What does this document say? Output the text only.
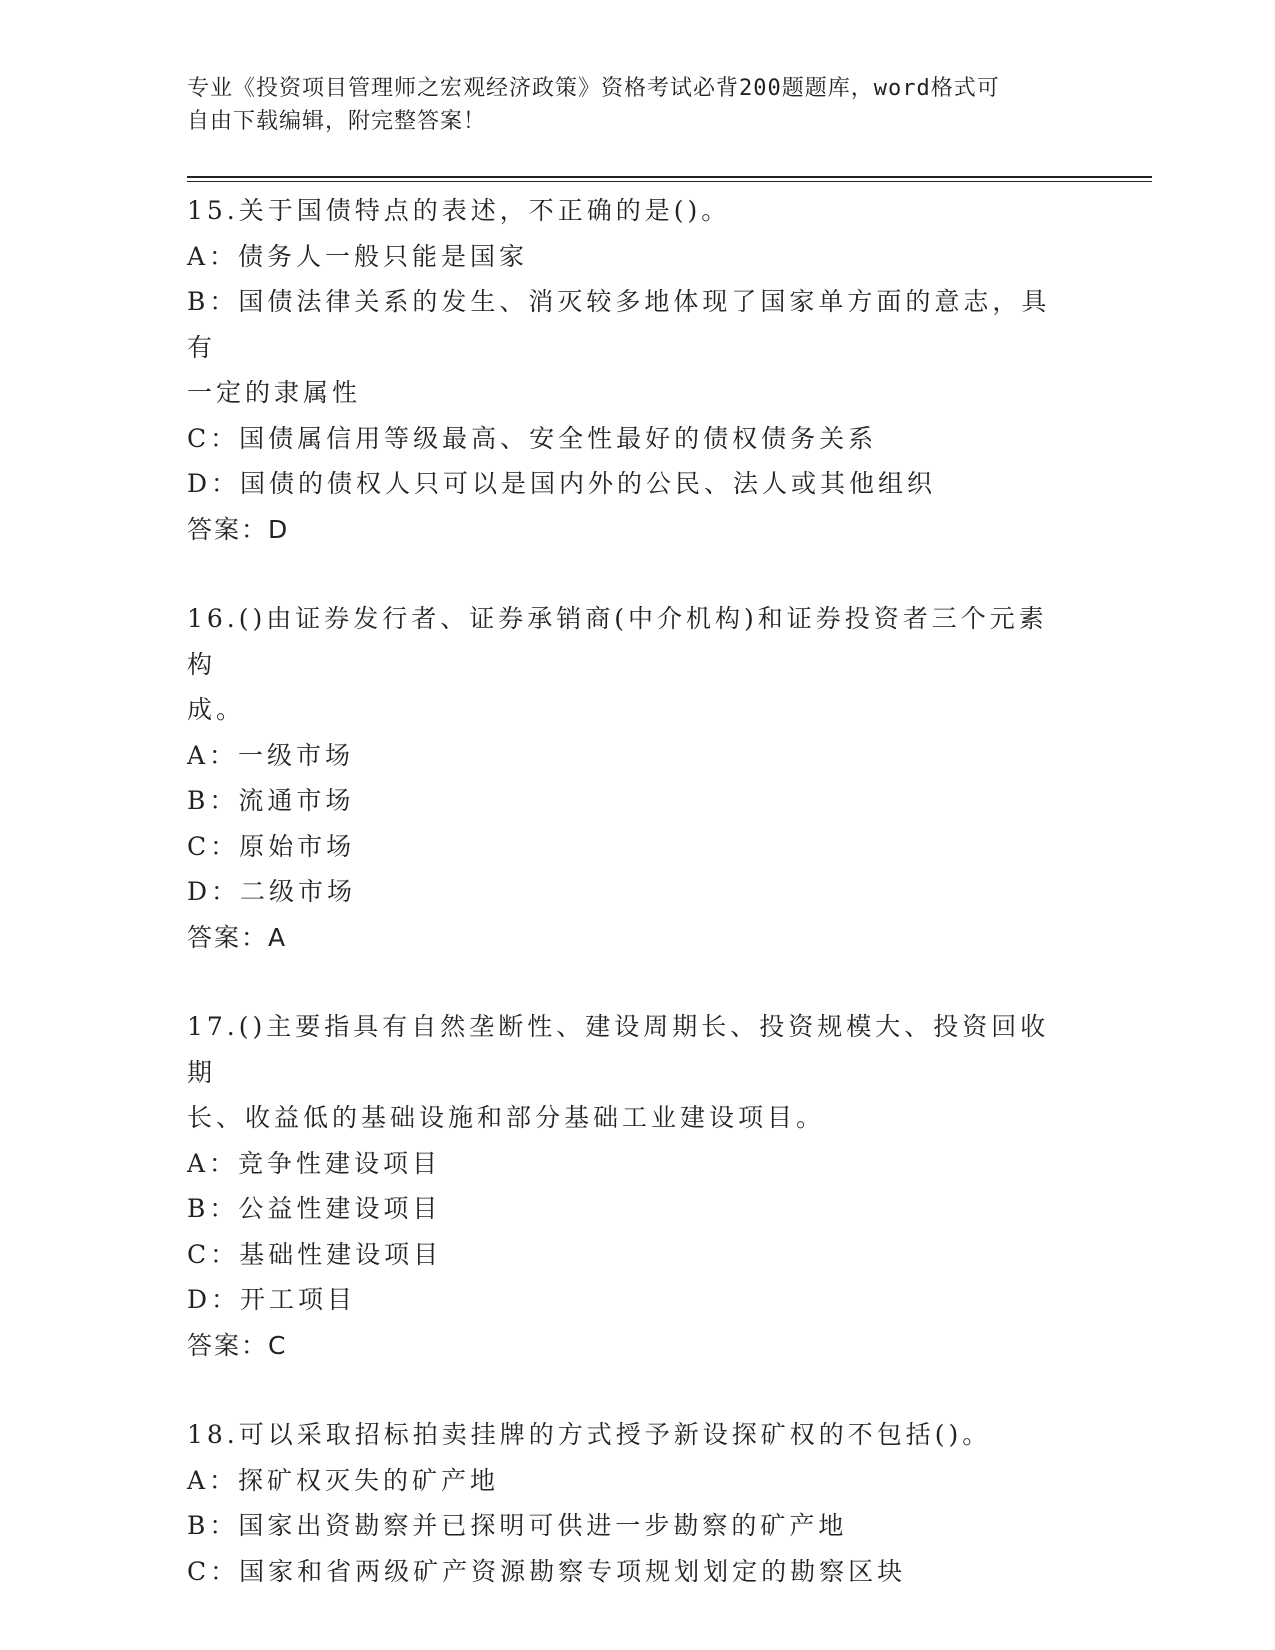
专业《投资项目管理师之宏观经济政策》资格考试必背200题题库，word格式可
自由下载编辑，附完整答案！
15.关于国债特点的表述，不正确的是()。
A：债务人一般只能是国家
B：国债法律关系的发生、消灭较多地体现了国家单方面的意志，具有
一定的隶属性
C：国债属信用等级最高、安全性最好的债权债务关系
D：国债的债权人只可以是国内外的公民、法人或其他组织
答案：D
16.()由证券发行者、证券承销商(中介机构)和证券投资者三个元素构
成。
A：一级市场
B：流通市场
C：原始市场
D：二级市场
答案：A
17.()主要指具有自然垄断性、建设周期长、投资规模大、投资回收期
长、收益低的基础设施和部分基础工业建设项目。
A：竞争性建设项目
B：公益性建设项目
C：基础性建设项目
D：开工项目
答案：C
18.可以采取招标拍卖挂牌的方式授予新设探矿权的不包括()。
A：探矿权灭失的矿产地
B：国家出资勘察并已探明可供进一步勘察的矿产地
C：国家和省两级矿产资源勘察专项规划划定的勘察区块
